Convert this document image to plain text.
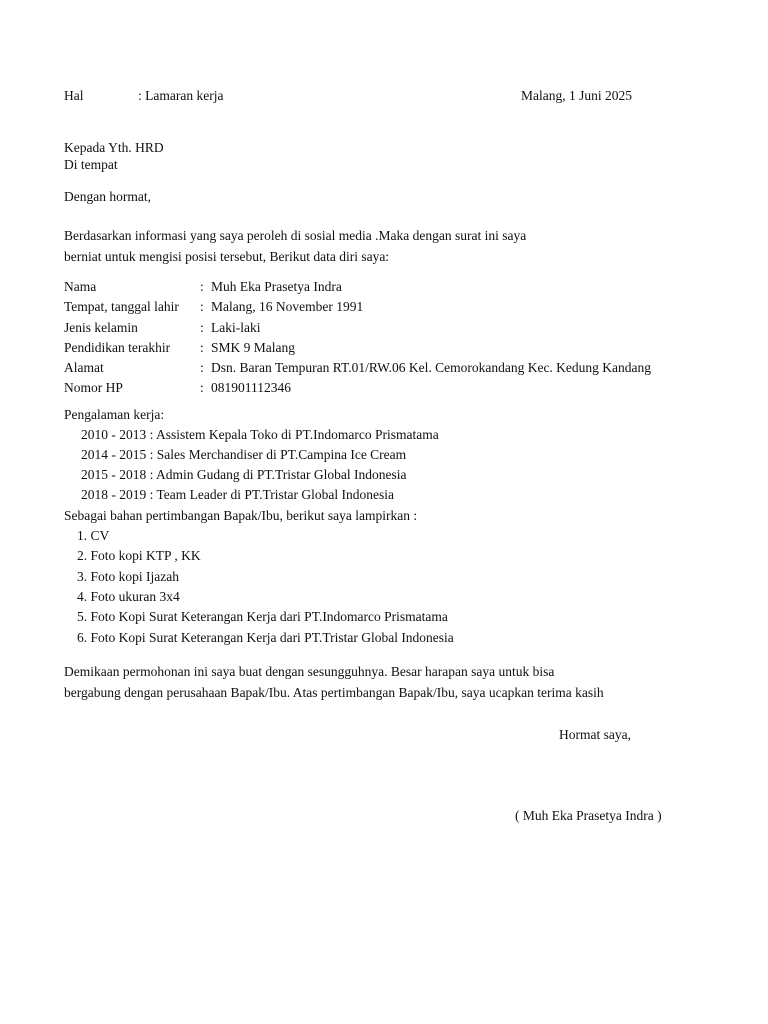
Hal	: Lamaran kerja	Malang, 1 Juni 2025
Kepada Yth. HRD
Di tempat
Dengan hormat,
Berdasarkan informasi yang saya peroleh di sosial media .Maka dengan surat ini saya
berniat untuk mengisi posisi tersebut, Berikut data diri saya:
Nama	: Muh Eka Prasetya Indra
Tempat, tanggal lahir : Malang, 16 November 1991
Jenis kelamin	: Laki-laki
Pendidikan terakhir : SMK 9 Malang
Alamat	: Dsn. Baran Tempuran RT.01/RW.06 Kel. Cemorokandang Kec. Kedung Kandang
Nomor HP	: 081901112346
Pengalaman kerja:
2010 - 2013 : Assistem Kepala Toko di PT.Indomarco Prismatama
2014 - 2015 : Sales Merchandiser di PT.Campina Ice Cream
2015 - 2018 : Admin Gudang di PT.Tristar Global Indonesia
2018 - 2019 : Team Leader di PT.Tristar Global Indonesia
Sebagai bahan pertimbangan Bapak/Ibu, berikut saya lampirkan :
1. CV
2. Foto kopi KTP , KK
3. Foto kopi Ijazah
4. Foto ukuran 3x4
5. Foto Kopi Surat Keterangan Kerja dari PT.Indomarco Prismatama
6. Foto Kopi Surat Keterangan Kerja dari PT.Tristar Global Indonesia
Demikaan permohonan ini saya buat dengan sesungguhnya. Besar harapan saya untuk bisa
bergabung dengan perusahaan Bapak/Ibu. Atas pertimbangan Bapak/Ibu, saya ucapkan terima kasih
Hormat saya,
( Muh Eka Prasetya Indra )
